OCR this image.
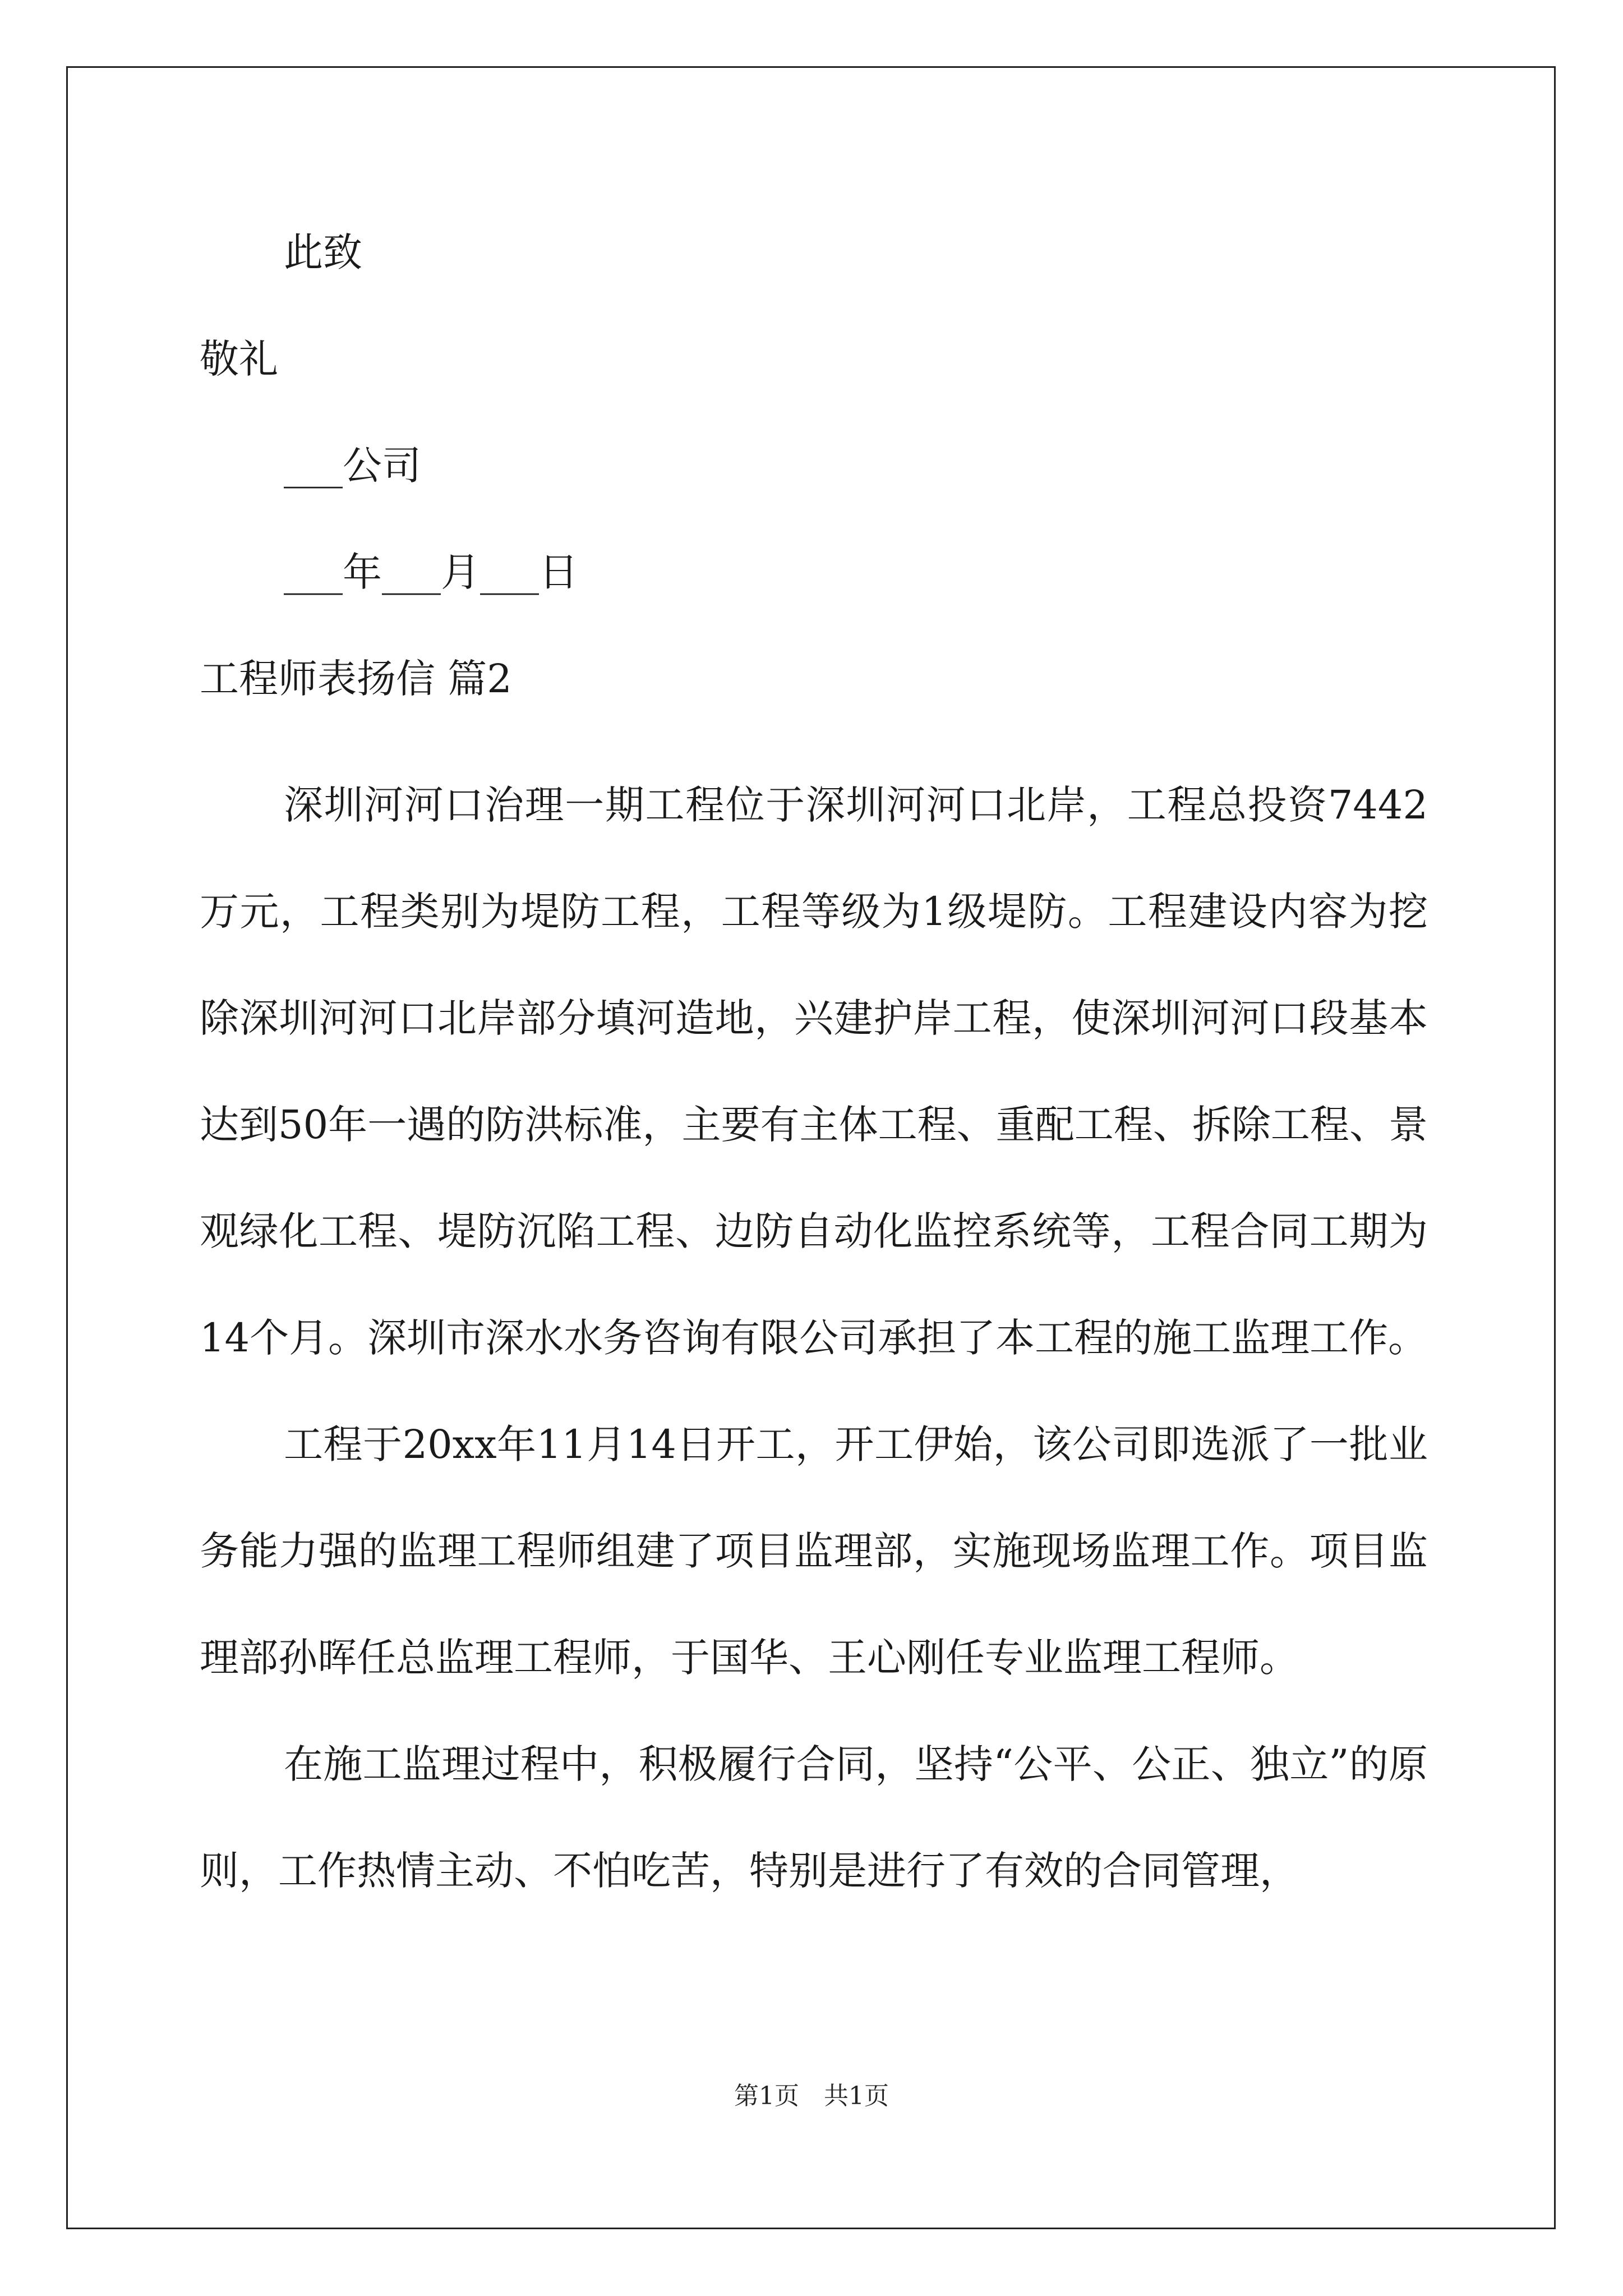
此致
敬礼
___公司
___年___月___日
工程师表扬信 篇2

深圳河河口治理一期工程位于深圳河河口北岸，工程总投资7442万元，工程类别为堤防工程，工程等级为1级堤防。工程建设内容为挖除深圳河河口北岸部分填河造地，兴建护岸工程，使深圳河河口段基本达到50年一遇的防洪标准，主要有主体工程、重配工程、拆除工程、景观绿化工程、堤防沉陷工程、边防自动化监控系统等，工程合同工期为14个月。深圳市深水水务咨询有限公司承担了本工程的施工监理工作。

工程于20xx年11月14日开工，开工伊始，该公司即选派了一批业务能力强的监理工程师组建了项目监理部，实施现场监理工作。项目监理部孙晖任总监理工程师，于国华、王心刚任专业监理工程师。

在施工监理过程中，积极履行合同，坚持“公平、公正、独立”的原则，工作热情主动、不怕吃苦，特别是进行了有效的合同管理，

第1页　共1页
